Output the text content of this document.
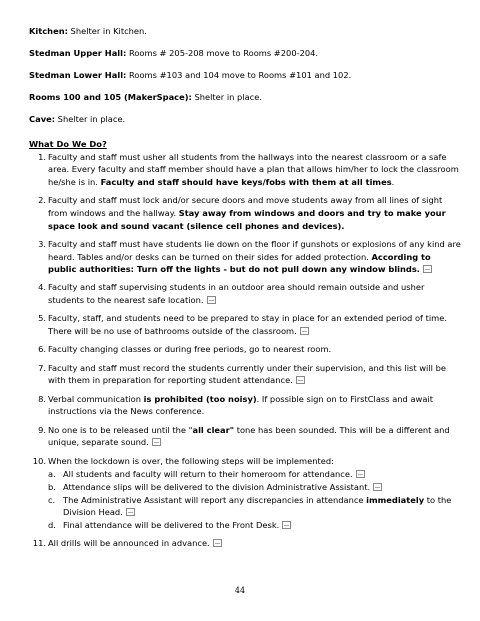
Kitchen: Shelter in Kitchen.
Stedman Upper Hall: Rooms # 205-208 move to Rooms #200-204.
Stedman Lower Hall: Rooms #103 and 104 move to Rooms #101 and 102.
Rooms 100 and 105 (MakerSpace): Shelter in place.
Cave: Shelter in place.
What Do We Do?
1. Faculty and staff must usher all students from the hallways into the nearest classroom or a safe area. Every faculty and staff member should have a plan that allows him/her to lock the classroom he/she is in. Faculty and staff should have keys/fobs with them at all times.
2. Faculty and staff must lock and/or secure doors and move students away from all lines of sight from windows and the hallway. Stay away from windows and doors and try to make your space look and sound vacant (silence cell phones and devices).
3. Faculty and staff must have students lie down on the floor if gunshots or explosions of any kind are heard. Tables and/or desks can be turned on their sides for added protection. According to public authorities: Turn off the lights - but do not pull down any window blinds.
4. Faculty and staff supervising students in an outdoor area should remain outside and usher students to the nearest safe location.
5. Faculty, staff, and students need to be prepared to stay in place for an extended period of time. There will be no use of bathrooms outside of the classroom.
6. Faculty changing classes or during free periods, go to nearest room.
7. Faculty and staff must record the students currently under their supervision, and this list will be with them in preparation for reporting student attendance.
8. Verbal communication is prohibited (too noisy). If possible sign on to FirstClass and await instructions via the News conference.
9. No one is to be released until the "all clear" tone has been sounded. This will be a different and unique, separate sound.
10. When the lockdown is over, the following steps will be implemented:
a. All students and faculty will return to their homeroom for attendance.
b. Attendance slips will be delivered to the division Administrative Assistant.
c. The Administrative Assistant will report any discrepancies in attendance immediately to the Division Head.
d. Final attendance will be delivered to the Front Desk.
11. All drills will be announced in advance.
44
